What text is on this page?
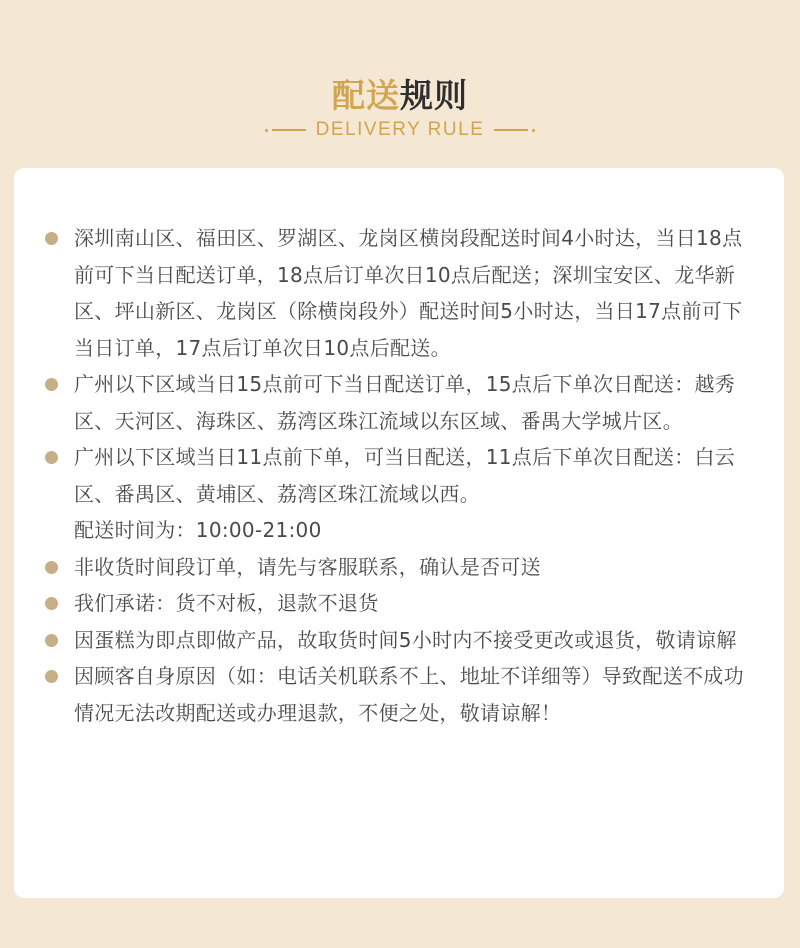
配送规则
DELIVERY RULE
深圳南山区、福田区、罗湖区、龙岗区横岗段配送时间4小时达，当日18点前可下当日配送订单，18点后订单次日10点后配送；深圳宝安区、龙华新区、坪山新区、龙岗区（除横岗段外）配送时间5小时达，当日17点前可下当日订单，17点后订单次日10点后配送。
广州以下区域当日15点前可下当日配送订单，15点后下单次日配送：越秀区、天河区、海珠区、荔湾区珠江流域以东区域、番禺大学城片区。
广州以下区域当日11点前下单，可当日配送，11点后下单次日配送：白云区、番禺区、黄埔区、荔湾区珠江流域以西。
配送时间为：10:00-21:00
非收货时间段订单，请先与客服联系，确认是否可送
我们承诺：货不对板，退款不退货
因蛋糕为即点即做产品，故取货时间5小时内不接受更改或退货，敬请谅解
因顾客自身原因（如：电话关机联系不上、地址不详细等）导致配送不成功情况无法改期配送或办理退款，不便之处，敬请谅解！
